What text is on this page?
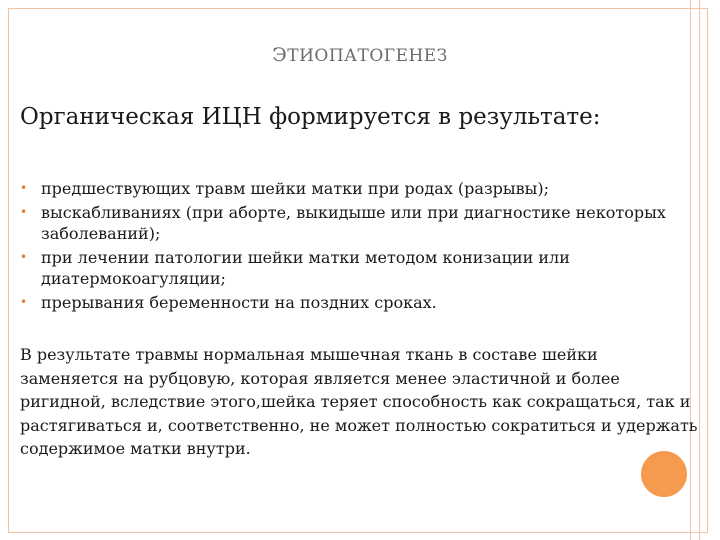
ЭТИОПАТОГЕНЕЗ
Органическая ИЦН формируется в результате:
• предшествующих травм шейки матки при родах (разрывы);
• выскабливаниях (при аборте, выкидыше или при диагностике некоторых заболеваний);
• при лечении патологии шейки матки методом конизации или диатермокоагуляции;
• прерывания беременности на поздних сроках.
В результате травмы нормальная мышечная ткань в составе шейки заменяется на рубцовую, которая является менее эластичной и более ригидной, вследствие этого,шейка теряет способность как сокращаться, так и растягиваться и, соответственно, не может полностью сократиться и удержать содержимое матки внутри.
